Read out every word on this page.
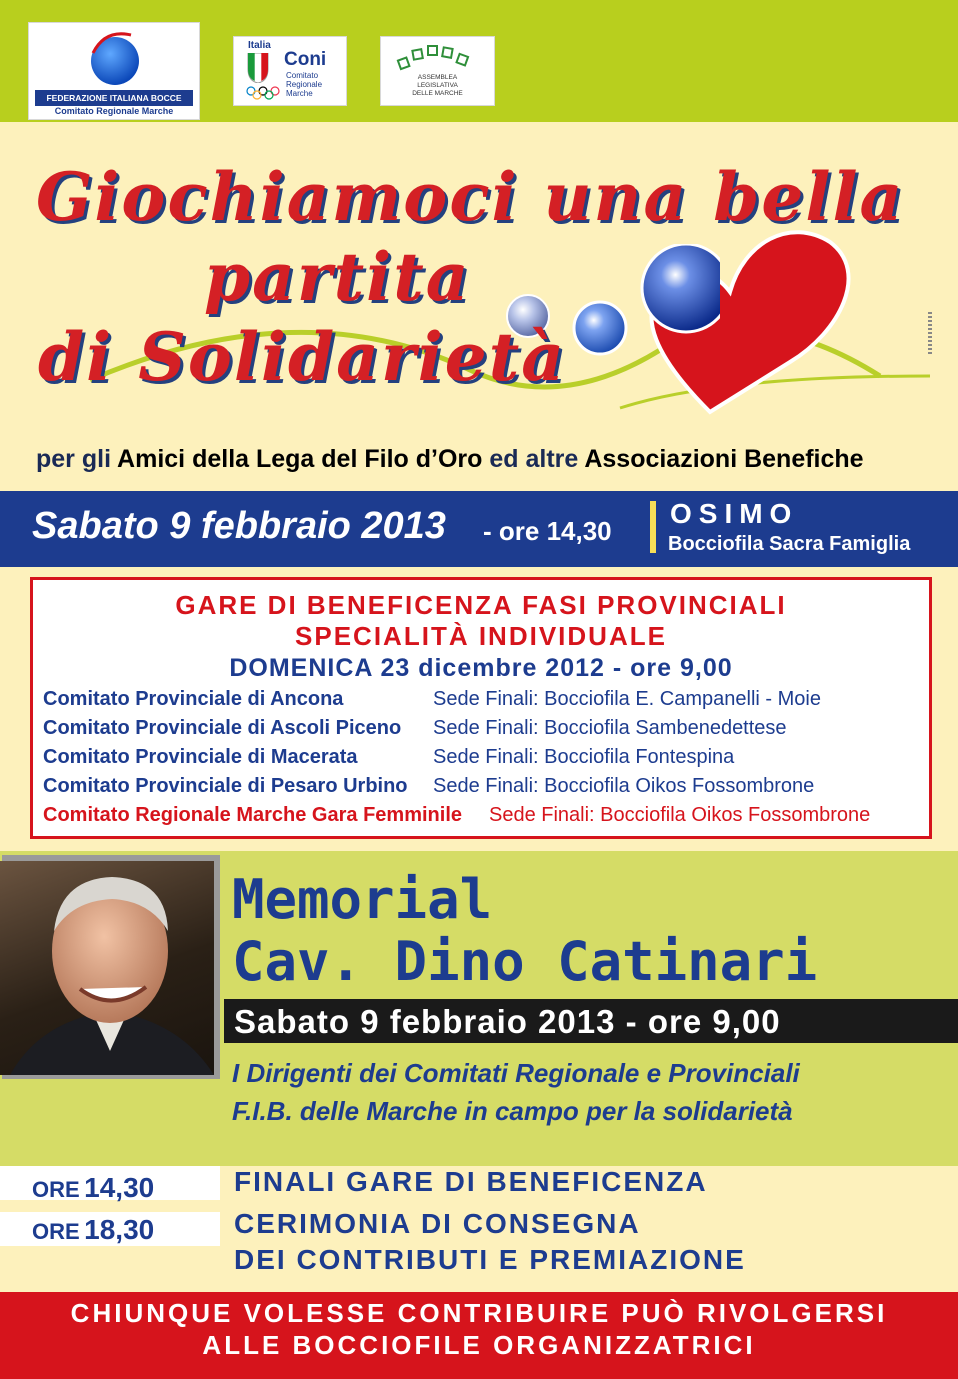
FEDERAZIONE ITALIANA BOCCE
Comitato Regionale Marche
Italia
Coni
Comitato
Regionale
Marche
ASSEMBLEA
LEGISLATIVA
DELLE MARCHE
Giochiamoci una bella
partita
di Solidarietà
per gli Amici della Lega del Filo d’Oro ed altre Associazioni Benefiche
Sabato 9 febbraio 2013 - ore 14,30
OSIMO
Bocciofila Sacra Famiglia
GARE DI BENEFICENZA FASI PROVINCIALI
SPECIALITÀ INDIVIDUALE
DOMENICA 23 dicembre 2012 - ore 9,00
Comitato Provinciale di Ancona	Sede Finali: Bocciofila E. Campanelli - Moie
Comitato Provinciale di Ascoli Piceno Sede Finali: Bocciofila Sambenedettese
Comitato Provinciale di Macerata	Sede Finali: Bocciofila Fontespina
Comitato Provinciale di Pesaro Urbino Sede Finali: Bocciofila Oikos Fossombrone
Comitato Regionale Marche Gara Femminile Sede Finali: Bocciofila Oikos Fossombrone
Memorial
Cav. Dino Catinari
Sabato 9 febbraio 2013 - ore 9,00
I Dirigenti dei Comitati Regionale e Provinciali
F.I.B. delle Marche in campo per la solidarietà
ORE 14,30	FINALI GARE DI BENEFICENZA
ORE 18,30	CERIMONIA DI CONSEGNA
DEI CONTRIBUTI E PREMIAZIONE
CHIUNQUE VOLESSE CONTRIBUIRE PUÒ RIVOLGERSI
ALLE BOCCIOFILE ORGANIZZATRICI
